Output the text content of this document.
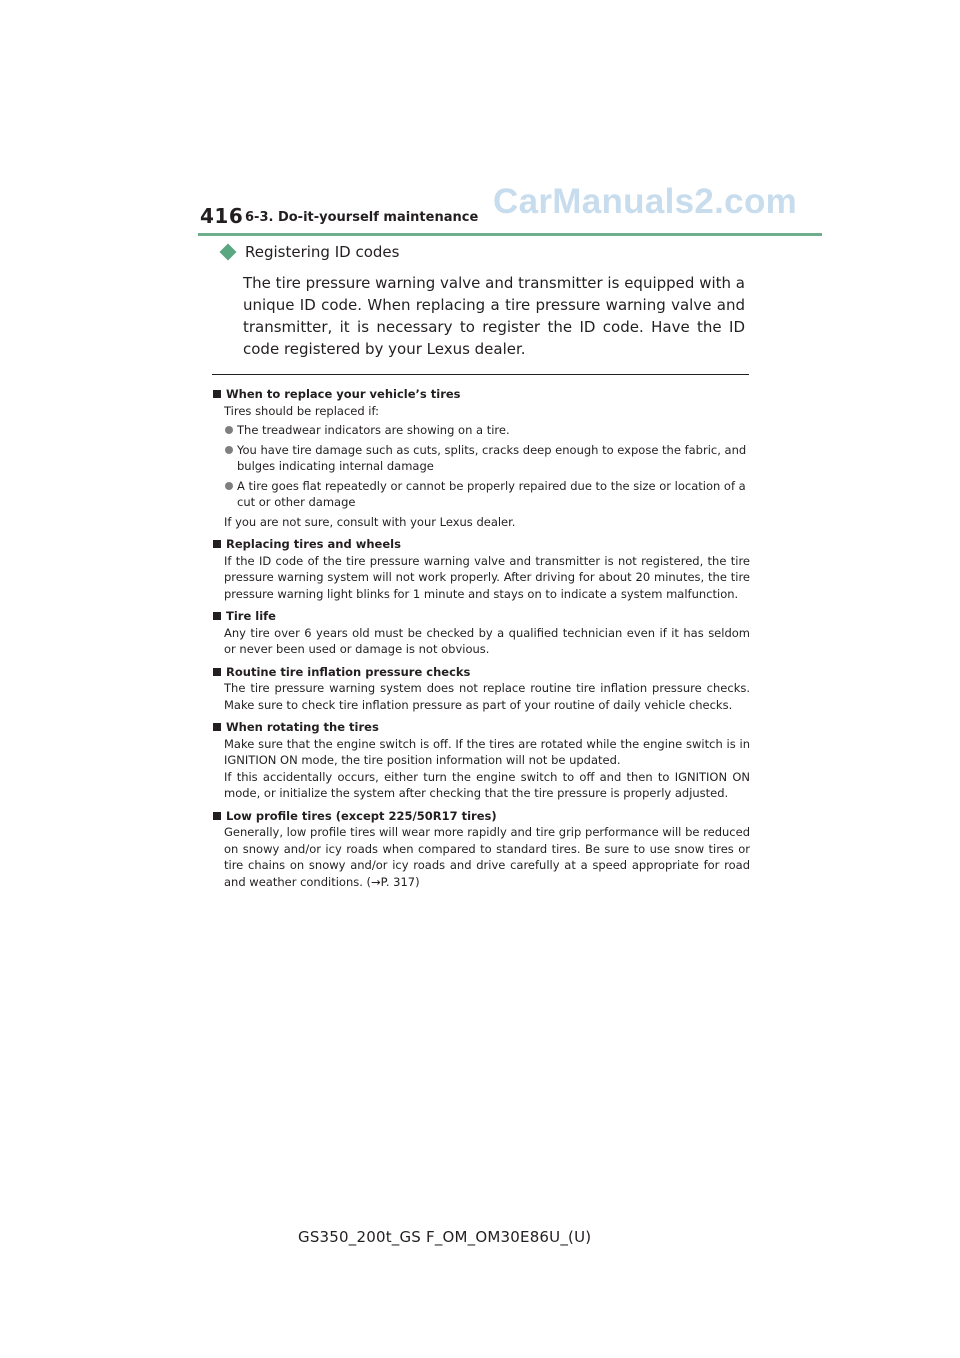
416 6-3. Do-it-yourself maintenance CarManuals2.com
Registering ID codes
The tire pressure warning valve and transmitter is equipped with a unique ID code. When replacing a tire pressure warning valve and transmitter, it is necessary to register the ID code. Have the ID code registered by your Lexus dealer.
When to replace your vehicle’s tires
Tires should be replaced if:
The treadwear indicators are showing on a tire.
You have tire damage such as cuts, splits, cracks deep enough to expose the fabric, and bulges indicating internal damage
A tire goes flat repeatedly or cannot be properly repaired due to the size or location of a cut or other damage
If you are not sure, consult with your Lexus dealer.
Replacing tires and wheels
If the ID code of the tire pressure warning valve and transmitter is not registered, the tire pressure warning system will not work properly. After driving for about 20 minutes, the tire pressure warning light blinks for 1 minute and stays on to indicate a system malfunction.
Tire life
Any tire over 6 years old must be checked by a qualified technician even if it has seldom or never been used or damage is not obvious.
Routine tire inflation pressure checks
The tire pressure warning system does not replace routine tire inflation pressure checks. Make sure to check tire inflation pressure as part of your routine of daily vehicle checks.
When rotating the tires
Make sure that the engine switch is off. If the tires are rotated while the engine switch is in IGNITION ON mode, the tire position information will not be updated.
If this accidentally occurs, either turn the engine switch to off and then to IGNITION ON mode, or initialize the system after checking that the tire pressure is properly adjusted.
Low profile tires (except 225/50R17 tires)
Generally, low profile tires will wear more rapidly and tire grip performance will be reduced on snowy and/or icy roads when compared to standard tires. Be sure to use snow tires or tire chains on snowy and/or icy roads and drive carefully at a speed appropriate for road and weather conditions. (→P. 317)
GS350_200t_GS F_OM_OM30E86U_(U)
